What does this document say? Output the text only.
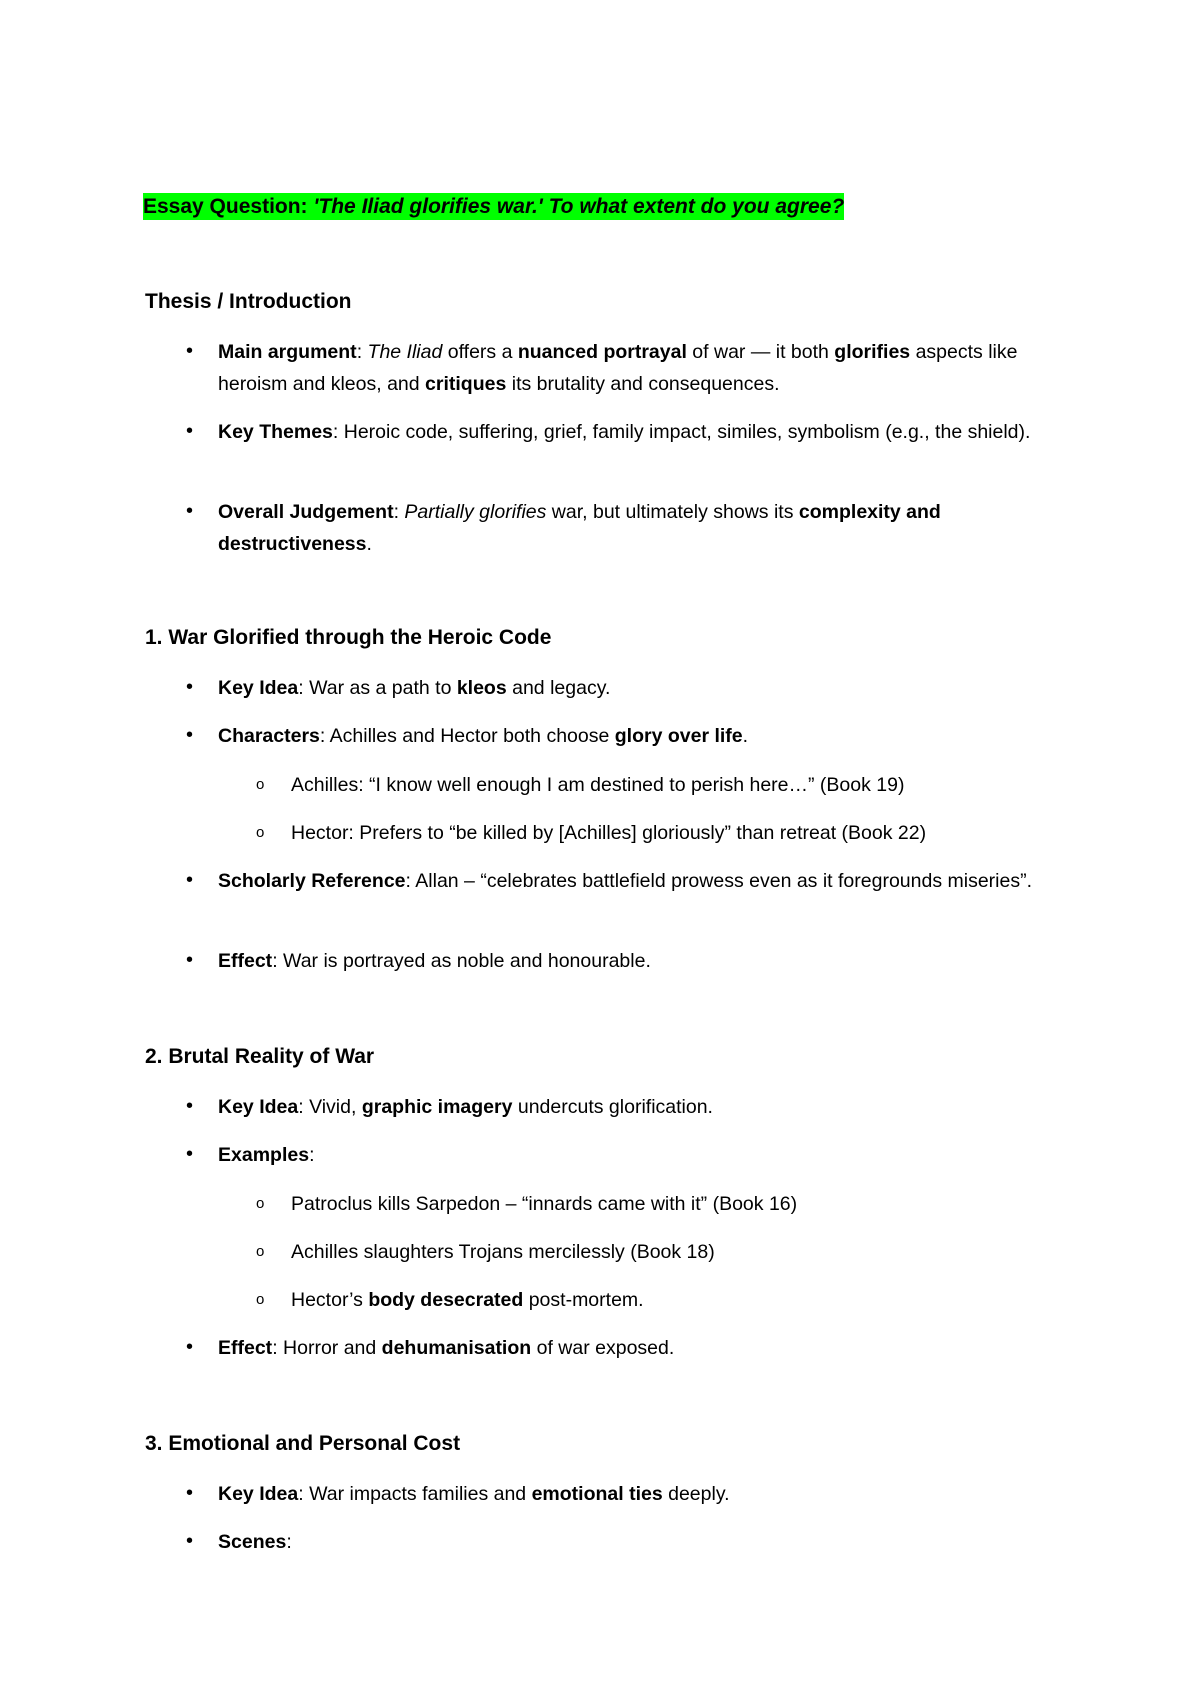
Essay Question: 'The Iliad glorifies war.' To what extent do you agree?
Thesis / Introduction
• Main argument: The Iliad offers a nuanced portrayal of war — it both glorifies aspects like heroism and kleos, and critiques its brutality and consequences.
• Key Themes: Heroic code, suffering, grief, family impact, similes, symbolism (e.g., the shield).
• Overall Judgement: Partially glorifies war, but ultimately shows its complexity and destructiveness.
1. War Glorified through the Heroic Code
• Key Idea: War as a path to kleos and legacy.
• Characters: Achilles and Hector both choose glory over life.
o Achilles: “I know well enough I am destined to perish here…” (Book 19)
o Hector: Prefers to “be killed by [Achilles] gloriously” than retreat (Book 22)
• Scholarly Reference: Allan – “celebrates battlefield prowess even as it foregrounds miseries”.
• Effect: War is portrayed as noble and honourable.
2. Brutal Reality of War
• Key Idea: Vivid, graphic imagery undercuts glorification.
• Examples:
o Patroclus kills Sarpedon – “innards came with it” (Book 16)
o Achilles slaughters Trojans mercilessly (Book 18)
o Hector’s body desecrated post-mortem.
• Effect: Horror and dehumanisation of war exposed.
3. Emotional and Personal Cost
• Key Idea: War impacts families and emotional ties deeply.
• Scenes:
